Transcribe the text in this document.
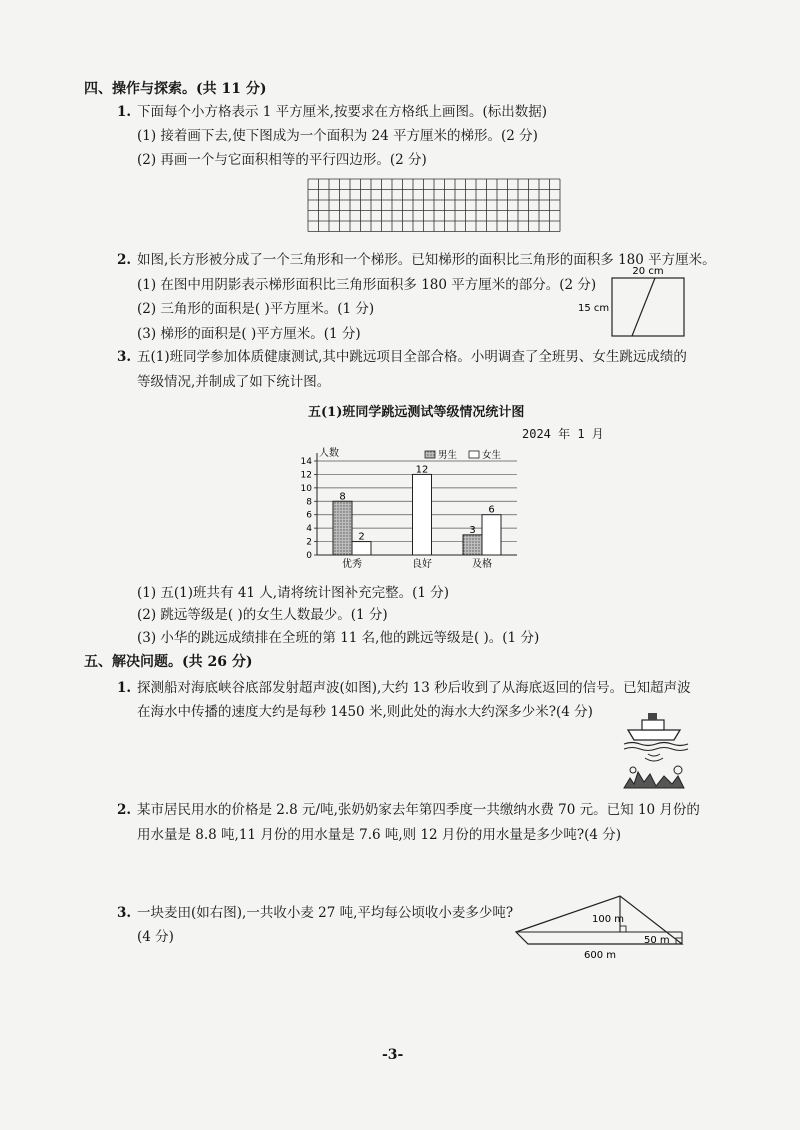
四、操作与探索。(共 11 分)
1. 下面每个小方格表示 1 平方厘米,按要求在方格纸上画图。(标出数据)
(1) 接着画下去,使下图成为一个面积为 24 平方厘米的梯形。(2 分)
(2) 再画一个与它面积相等的平行四边形。(2 分)
2. 如图,长方形被分成了一个三角形和一个梯形。已知梯形的面积比三角形的面积多 180 平方厘米。
(1) 在图中用阴影表示梯形面积比三角形面积多 180 平方厘米的部分。(2 分)
(2) 三角形的面积是( )平方厘米。(1 分)
(3) 梯形的面积是( )平方厘米。(1 分)
20 cm
15 cm
3. 五(1)班同学参加体质健康测试,其中跳远项目全部合格。小明调查了全班男、女生跳远成绩的
等级情况,并制成了如下统计图。
五(1)班同学跳远测试等级情况统计图
2024 年 1 月
0
2
4
6
8
10
12
14
人数	男生	女生
优秀	良好	及格
8
3
2
12
6
(1) 五(1)班共有 41 人,请将统计图补充完整。(1 分)
(2) 跳远等级是( )的女生人数最少。(1 分)
(3) 小华的跳远成绩排在全班的第 11 名,他的跳远等级是( )。(1 分)
五、解决问题。(共 26 分)
1. 探测船对海底峡谷底部发射超声波(如图),大约 13 秒后收到了从海底返回的信号。已知超声波
在海水中传播的速度大约是每秒 1450 米,则此处的海水大约深多少米?(4 分)
2. 某市居民用水的价格是 2.8 元/吨,张奶奶家去年第四季度一共缴纳水费 70 元。已知 10 月份的
用水量是 8.8 吨,11 月份的用水量是 7.6 吨,则 12 月份的用水量是多少吨?(4 分)
3. 一块麦田(如右图),一共收小麦 27 吨,平均每公顷收小麦多少吨?
(4 分)
100 m
50 m
600 m
-3-
